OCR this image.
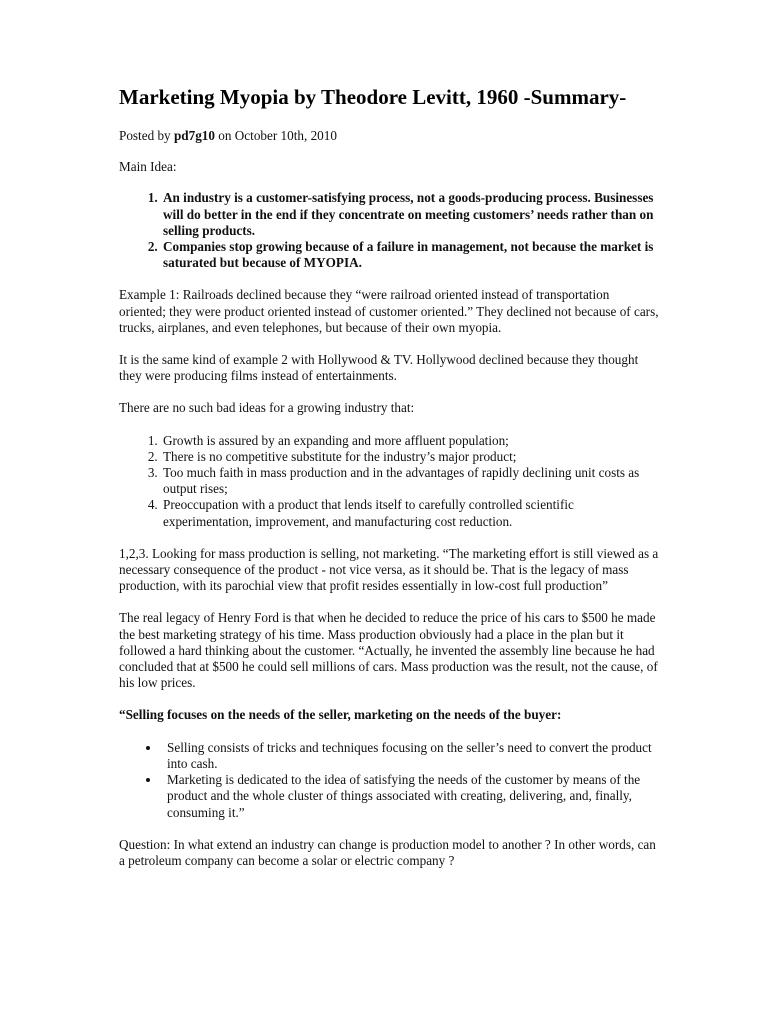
Marketing Myopia by Theodore Levitt, 1960 -Summary-

Posted by pd7g10 on October 10th, 2010

Main Idea:

1. An industry is a customer-satisfying process, not a goods-producing process. Businesses will do better in the end if they concentrate on meeting customers’ needs rather than on selling products.
2. Companies stop growing because of a failure in management, not because the market is saturated but because of MYOPIA.

Example 1: Railroads declined because they “were railroad oriented instead of transportation oriented; they were product oriented instead of customer oriented.” They declined not because of cars, trucks, airplanes, and even telephones, but because of their own myopia.

It is the same kind of example 2 with Hollywood & TV. Hollywood declined because they thought they were producing films instead of entertainments.

There are no such bad ideas for a growing industry that:

1. Growth is assured by an expanding and more affluent population;
2. There is no competitive substitute for the industry’s major product;
3. Too much faith in mass production and in the advantages of rapidly declining unit costs as output rises;
4. Preoccupation with a product that lends itself to carefully controlled scientific experimentation, improvement, and manufacturing cost reduction.

1,2,3. Looking for mass production is selling, not marketing. “The marketing effort is still viewed as a necessary consequence of the product - not vice versa, as it should be. That is the legacy of mass production, with its parochial view that profit resides essentially in low-cost full production”

The real legacy of Henry Ford is that when he decided to reduce the price of his cars to $500 he made the best marketing strategy of his time. Mass production obviously had a place in the plan but it followed a hard thinking about the customer. “Actually, he invented the assembly line because he had concluded that at $500 he could sell millions of cars. Mass production was the result, not the cause, of his low prices.

“Selling focuses on the needs of the seller, marketing on the needs of the buyer:

• Selling consists of tricks and techniques focusing on the seller’s need to convert the product into cash.
• Marketing is dedicated to the idea of satisfying the needs of the customer by means of the product and the whole cluster of things associated with creating, delivering, and, finally, consuming it.”

Question: In what extend an industry can change is production model to another ? In other words, can a petroleum company can become a solar or electric company ?
